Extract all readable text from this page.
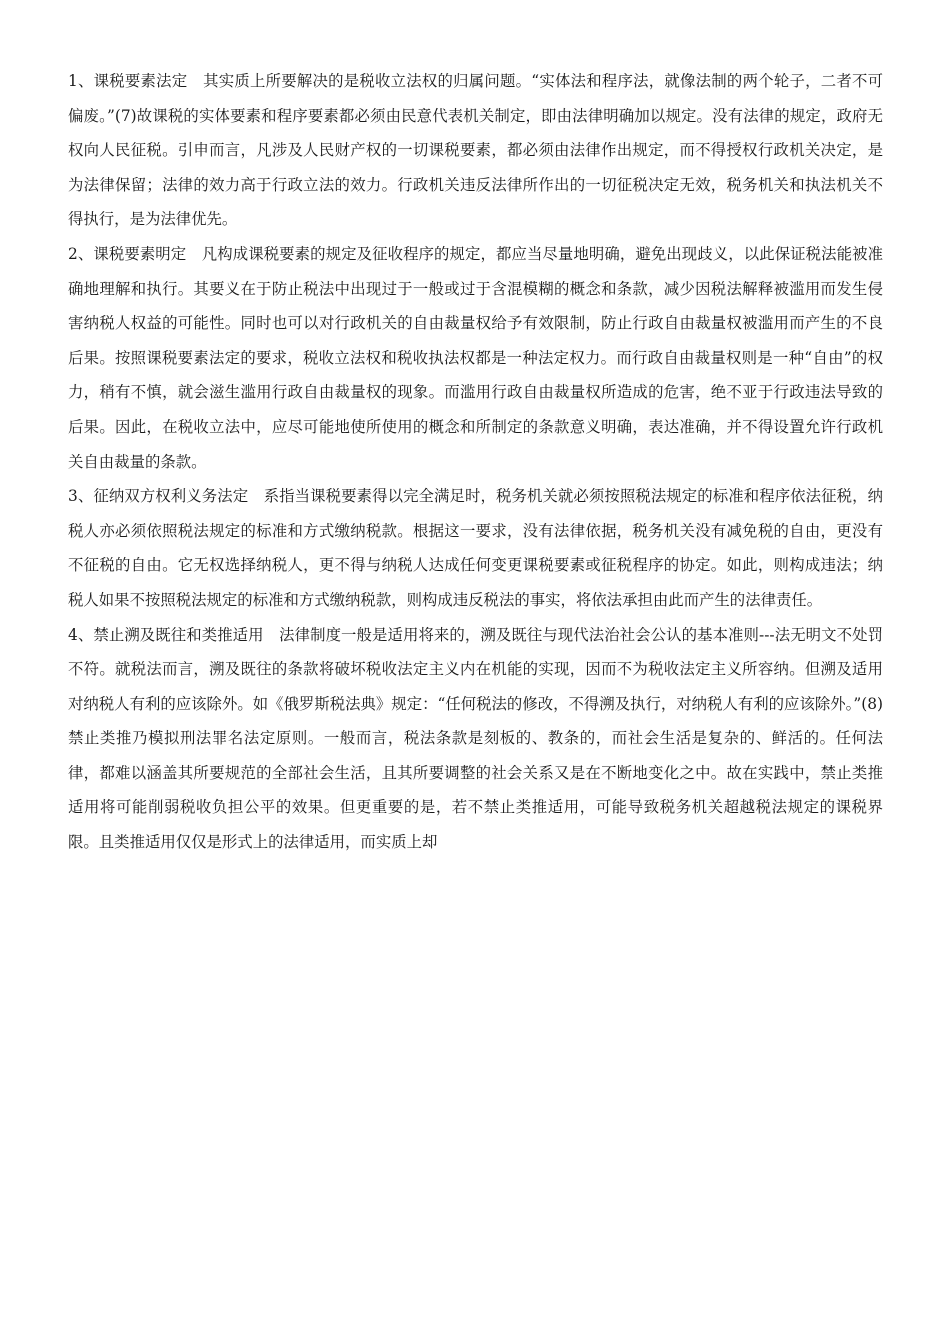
1、课税要素法定　其实质上所要解决的是税收立法权的归属问题。“实体法和程序法，就像法制的两个轮子，二者不可偏废。”(7)故课税的实体要素和程序要素都必须由民意代表机关制定，即由法律明确加以规定。没有法律的规定，政府无权向人民征税。引申而言，凡涉及人民财产权的一切课税要素，都必须由法律作出规定，而不得授权行政机关决定，是为法律保留；法律的效力高于行政立法的效力。行政机关违反法律所作出的一切征税决定无效，税务机关和执法机关不得执行，是为法律优先。

2、课税要素明定　凡构成课税要素的规定及征收程序的规定，都应当尽量地明确，避免出现歧义，以此保证税法能被准确地理解和执行。其要义在于防止税法中出现过于一般或过于含混模糊的概念和条款，减少因税法解释被滥用而发生侵害纳税人权益的可能性。同时也可以对行政机关的自由裁量权给予有效限制，防止行政自由裁量权被滥用而产生的不良后果。按照课税要素法定的要求，税收立法权和税收执法权都是一种法定权力。而行政自由裁量权则是一种“自由”的权力，稍有不慎，就会滋生滥用行政自由裁量权的现象。而滥用行政自由裁量权所造成的危害，绝不亚于行政违法导致的后果。因此，在税收立法中，应尽可能地使所使用的概念和所制定的条款意义明确，表达准确，并不得设置允许行政机关自由裁量的条款。

3、征纳双方权利义务法定　系指当课税要素得以完全满足时，税务机关就必须按照税法规定的标准和程序依法征税，纳税人亦必须依照税法规定的标准和方式缴纳税款。根据这一要求，没有法律依据，税务机关没有减免税的自由，更没有不征税的自由。它无权选择纳税人，更不得与纳税人达成任何变更课税要素或征税程序的协定。如此，则构成违法；纳税人如果不按照税法规定的标准和方式缴纳税款，则构成违反税法的事实，将依法承担由此而产生的法律责任。

4、禁止溯及既往和类推适用　法律制度一般是适用将来的，溯及既往与现代法治社会公认的基本准则---法无明文不处罚不符。就税法而言，溯及既往的条款将破坏税收法定主义内在机能的实现，因而不为税收法定主义所容纳。但溯及适用对纳税人有利的应该除外。如《俄罗斯税法典》规定：“任何税法的修改，不得溯及执行，对纳税人有利的应该除外。”(8)禁止类推乃模拟刑法罪名法定原则。一般而言，税法条款是刻板的、教条的，而社会生活是复杂的、鲜活的。任何法律，都难以涵盖其所要规范的全部社会生活，且其所要调整的社会关系又是在不断地变化之中。故在实践中，禁止类推适用将可能削弱税收负担公平的效果。但更重要的是，若不禁止类推适用，可能导致税务机关超越税法规定的课税界限。且类推适用仅仅是形式上的法律适用，而实质上却
